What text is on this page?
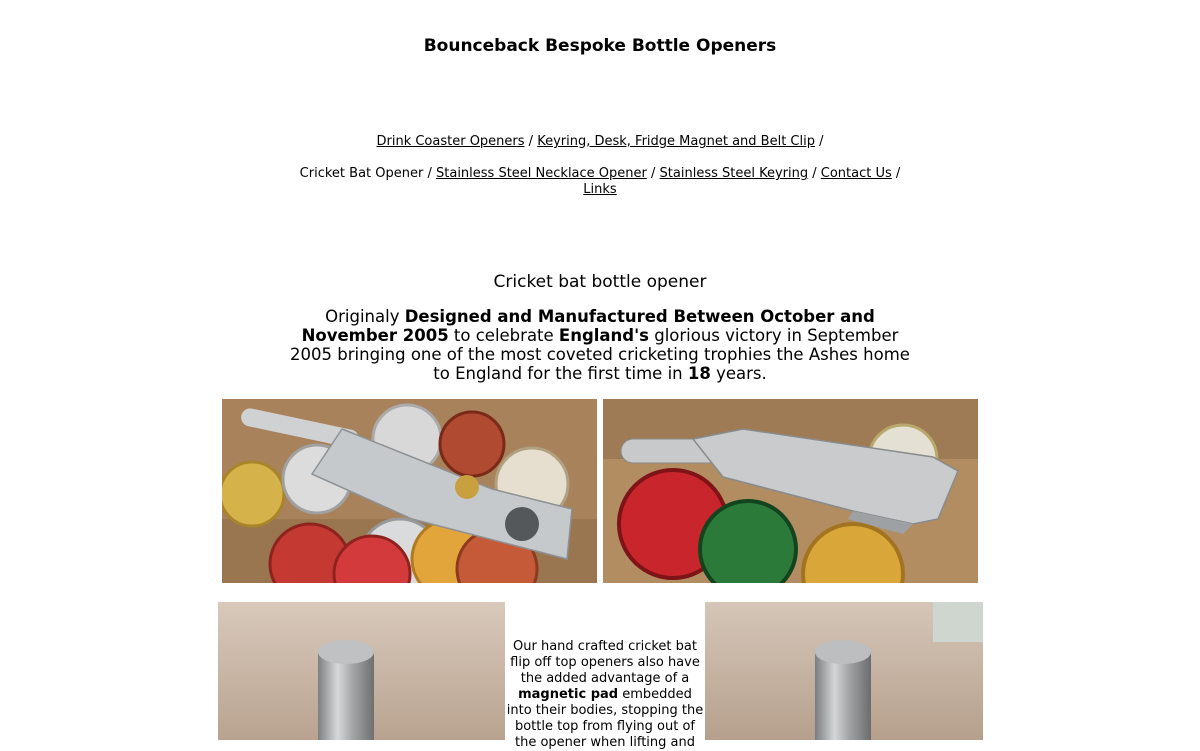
Bounceback Bespoke Bottle Openers
Drink Coaster Openers / Keyring, Desk, Fridge Magnet and Belt Clip /
Cricket Bat Opener / Stainless Steel Necklace Opener / Stainless Steel Keyring / Contact Us /
Links
Cricket bat bottle opener

Originaly Designed and Manufactured Between October and November 2005 to celebrate England's glorious victory in September 2005 bringing one of the most coveted cricketing trophies the Ashes home to England for the first time in 18 years.

Our hand crafted cricket bat flip off top openers also have the added advantage of a magnetic pad embedded into their bodies, stopping the bottle top from flying out of the opener when lifting and
